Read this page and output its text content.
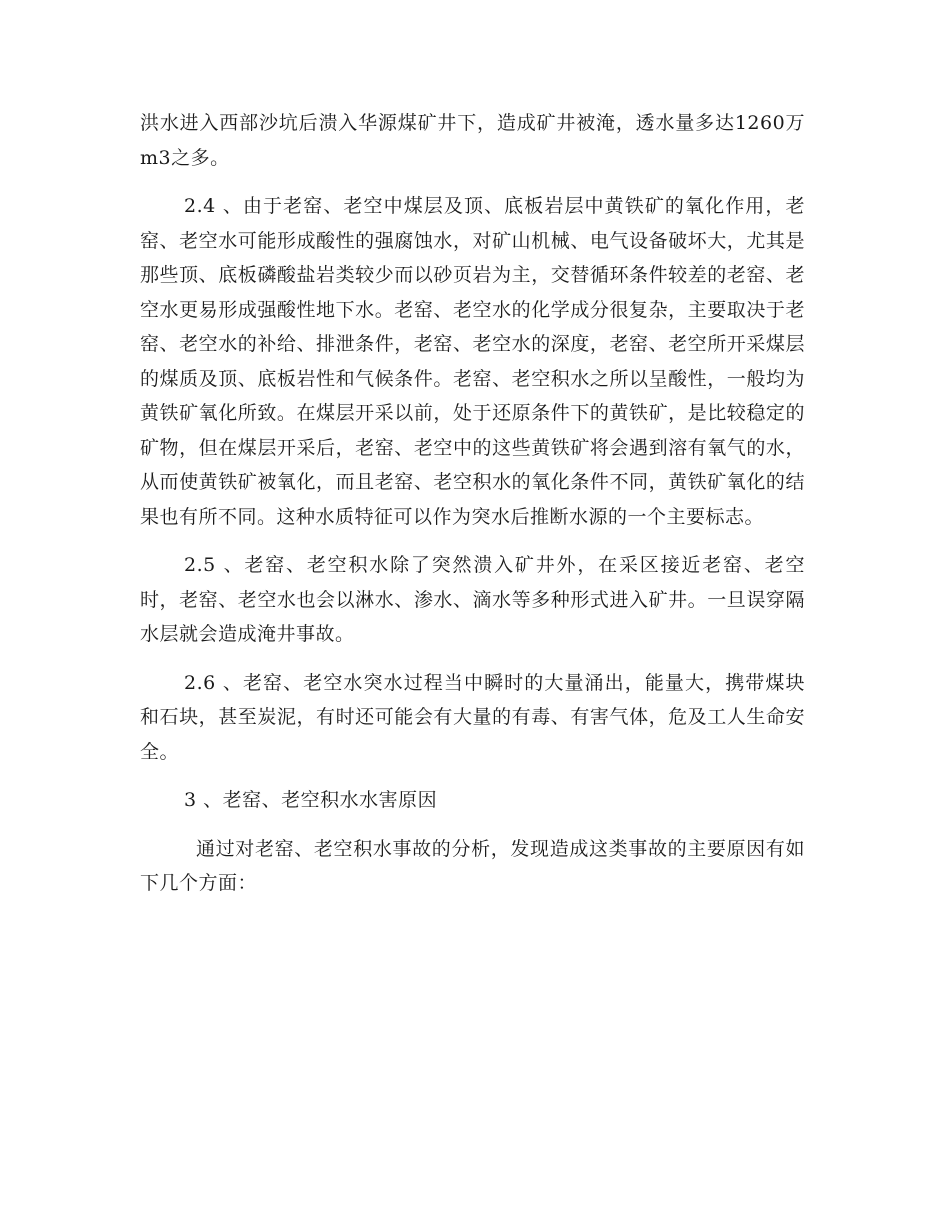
洪水进入西部沙坑后溃入华源煤矿井下，造成矿井被淹，透水量多达1260万m3之多。

2.4 、由于老窑、老空中煤层及顶、底板岩层中黄铁矿的氧化作用，老窑、老空水可能形成酸性的强腐蚀水，对矿山机械、电气设备破坏大，尤其是那些顶、底板磷酸盐岩类较少而以砂页岩为主，交替循环条件较差的老窑、老空水更易形成强酸性地下水。老窑、老空水的化学成分很复杂，主要取决于老窑、老空水的补给、排泄条件，老窑、老空水的深度，老窑、老空所开采煤层的煤质及顶、底板岩性和气候条件。老窑、老空积水之所以呈酸性，一般均为黄铁矿氧化所致。在煤层开采以前，处于还原条件下的黄铁矿，是比较稳定的矿物，但在煤层开采后，老窑、老空中的这些黄铁矿将会遇到溶有氧气的水，从而使黄铁矿被氧化，而且老窑、老空积水的氧化条件不同，黄铁矿氧化的结果也有所不同。这种水质特征可以作为突水后推断水源的一个主要标志。

2.5 、老窑、老空积水除了突然溃入矿井外，在采区接近老窑、老空时，老窑、老空水也会以淋水、渗水、滴水等多种形式进入矿井。一旦误穿隔水层就会造成淹井事故。

2.6 、老窑、老空水突水过程当中瞬时的大量涌出，能量大，携带煤块和石块，甚至炭泥，有时还可能会有大量的有毒、有害气体，危及工人生命安全。

3 、老窑、老空积水水害原因

通过对老窑、老空积水事故的分析，发现造成这类事故的主要原因有如下几个方面：
